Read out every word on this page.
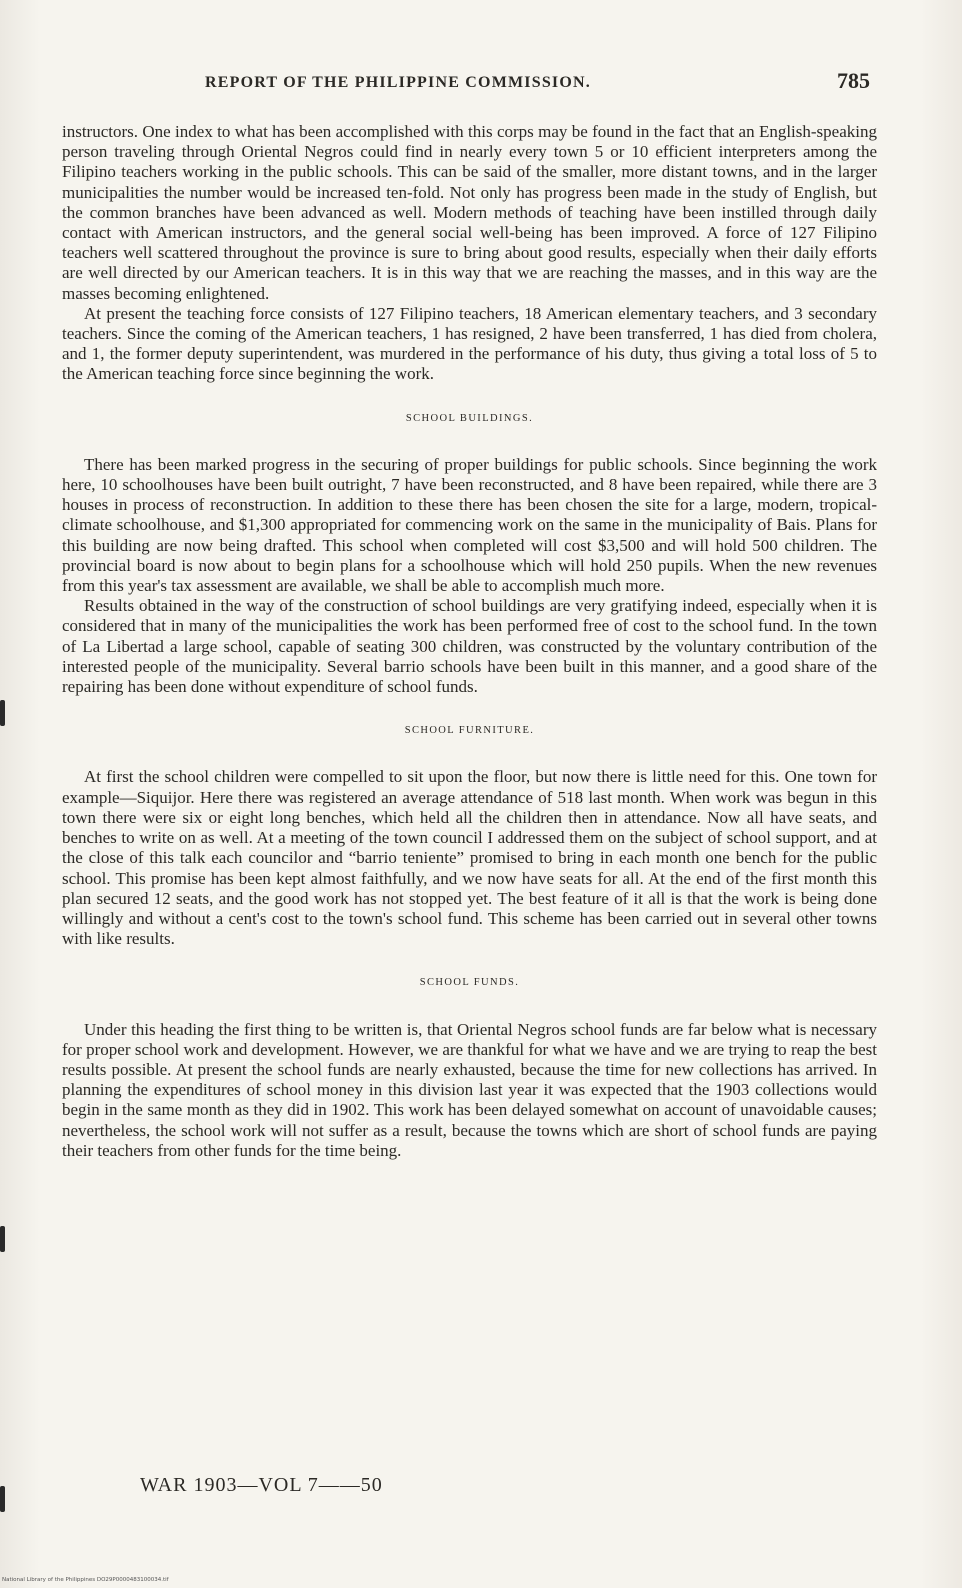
REPORT OF THE PHILIPPINE COMMISSION.	785

instructors. One index to what has been accomplished with this corps may be found in the fact that an English-speaking person traveling through Oriental Negros could find in nearly every town 5 or 10 efficient interpreters among the Filipino teachers working in the public schools. This can be said of the smaller, more distant towns, and in the larger municipalities the number would be increased ten-fold. Not only has progress been made in the study of English, but the common branches have been advanced as well. Modern methods of teaching have been instilled through daily contact with American instructors, and the general social well-being has been improved. A force of 127 Filipino teachers well scattered throughout the province is sure to bring about good results, especially when their daily efforts are well directed by our American teachers. It is in this way that we are reaching the masses, and in this way are the masses becoming enlightened.

At present the teaching force consists of 127 Filipino teachers, 18 American elementary teachers, and 3 secondary teachers. Since the coming of the American teachers, 1 has resigned, 2 have been transferred, 1 has died from cholera, and 1, the former deputy superintendent, was murdered in the performance of his duty, thus giving a total loss of 5 to the American teaching force since beginning the work.

SCHOOL BUILDINGS.

There has been marked progress in the securing of proper buildings for public schools. Since beginning the work here, 10 schoolhouses have been built outright, 7 have been reconstructed, and 8 have been repaired, while there are 3 houses in process of reconstruction. In addition to these there has been chosen the site for a large, modern, tropical-climate schoolhouse, and $1,300 appropriated for commencing work on the same in the municipality of Bais. Plans for this building are now being drafted. This school when completed will cost $3,500 and will hold 500 children. The provincial board is now about to begin plans for a schoolhouse which will hold 250 pupils. When the new revenues from this year's tax assessment are available, we shall be able to accomplish much more.

Results obtained in the way of the construction of school buildings are very gratifying indeed, especially when it is considered that in many of the municipalities the work has been performed free of cost to the school fund. In the town of La Libertad a large school, capable of seating 300 children, was constructed by the voluntary contribution of the interested people of the municipality. Several barrio schools have been built in this manner, and a good share of the repairing has been done without expenditure of school funds.

SCHOOL FURNITURE.

At first the school children were compelled to sit upon the floor, but now there is little need for this. One town for example—Siquijor. Here there was registered an average attendance of 518 last month. When work was begun in this town there were six or eight long benches, which held all the children then in attendance. Now all have seats, and benches to write on as well. At a meeting of the town council I addressed them on the subject of school support, and at the close of this talk each councilor and “barrio teniente” promised to bring in each month one bench for the public school. This promise has been kept almost faithfully, and we now have seats for all. At the end of the first month this plan secured 12 seats, and the good work has not stopped yet. The best feature of it all is that the work is being done willingly and without a cent's cost to the town's school fund. This scheme has been carried out in several other towns with like results.

SCHOOL FUNDS.

Under this heading the first thing to be written is, that Oriental Negros school funds are far below what is necessary for proper school work and development. However, we are thankful for what we have and we are trying to reap the best results possible. At present the school funds are nearly exhausted, because the time for new collections has arrived. In planning the expenditures of school money in this division last year it was expected that the 1903 collections would begin in the same month as they did in 1902. This work has been delayed somewhat on account of unavoidable causes; nevertheless, the school work will not suffer as a result, because the towns which are short of school funds are paying their teachers from other funds for the time being.

WAR 1903—VOL 7——50
National Library of the Philippines DO29P0000483100034.tif
